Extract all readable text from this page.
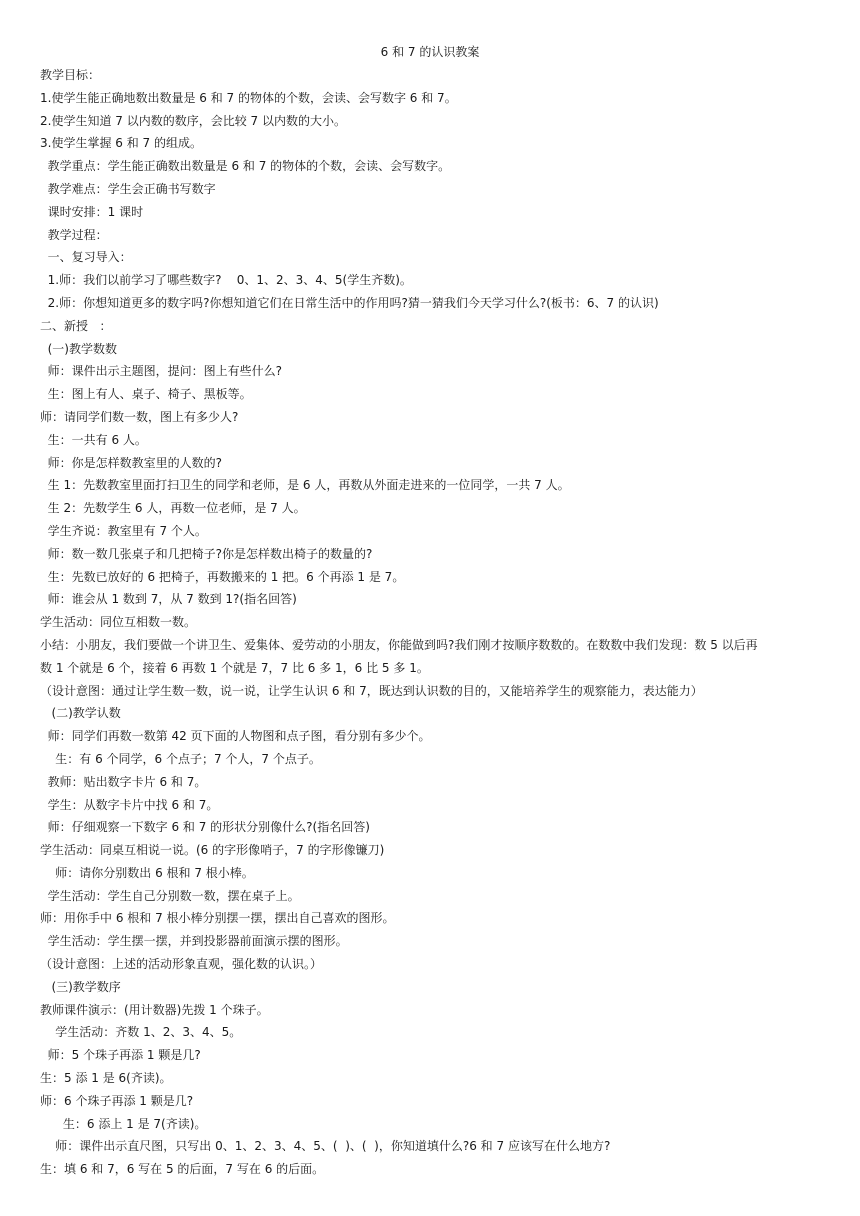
6 和 7 的认识教案
教学目标：
1.使学生能正确地数出数量是 6 和 7 的物体的个数，会读、会写数字 6 和 7。
2.使学生知道 7 以内数的数序，会比较 7 以内数的大小。
3.使学生掌握 6 和 7 的组成。
教学重点：学生能正确数出数量是 6 和 7 的物体的个数，会读、会写数字。
教学难点：学生会正确书写数字
课时安排：1 课时
教学过程：
一、复习导入：
1.师：我们以前学习了哪些数字?    0、1、2、3、4、5(学生齐数)。
2.师：你想知道更多的数字吗?你想知道它们在日常生活中的作用吗?猜一猜我们今天学习什么?(板书：6、7 的认识)
二、新授   ：
(一)教学数数
师：课件出示主题图，提问：图上有些什么?
生：图上有人、桌子、椅子、黑板等。
师：请同学们数一数，图上有多少人?
生：一共有 6 人。
师：你是怎样数教室里的人数的?
生 1：先数教室里面打扫卫生的同学和老师，是 6 人，再数从外面走进来的一位同学，一共 7 人。
生 2：先数学生 6 人，再数一位老师，是 7 人。
学生齐说：教室里有 7 个人。
师：数一数几张桌子和几把椅子?你是怎样数出椅子的数量的?
生：先数已放好的 6 把椅子，再数搬来的 1 把。6 个再添 1 是 7。
师：谁会从 1 数到 7，从 7 数到 1?(指名回答)
学生活动：同位互相数一数。
小结：小朋友，我们要做一个讲卫生、爱集体、爱劳动的小朋友，你能做到吗?我们刚才按顺序数数的。在数数中我们发现：数 5 以后再
数 1 个就是 6 个，接着 6 再数 1 个就是 7，7 比 6 多 1，6 比 5 多 1。
（设计意图：通过让学生数一数，说一说，让学生认识 6 和 7，既达到认识数的目的，又能培养学生的观察能力，表达能力）
(二)教学认数
师：同学们再数一数第 42 页下面的人物图和点子图，看分别有多少个。
生：有 6 个同学，6 个点子；7 个人，7 个点子。
教师：贴出数字卡片 6 和 7。
学生：从数字卡片中找 6 和 7。
师：仔细观察一下数字 6 和 7 的形状分别像什么?(指名回答)
学生活动：同桌互相说一说。(6 的字形像哨子，7 的字形像镰刀)
师：请你分别数出 6 根和 7 根小棒。
学生活动：学生自己分别数一数，摆在桌子上。
师：用你手中 6 根和 7 根小棒分别摆一摆，摆出自己喜欢的图形。
学生活动：学生摆一摆，并到投影器前面演示摆的图形。
（设计意图：上述的活动形象直观，强化数的认识。）
(三)教学数序
教师课件演示：(用计数器)先拨 1 个珠子。
学生活动：齐数 1、2、3、4、5。
师：5 个珠子再添 1 颗是几?
生：5 添 1 是 6(齐读)。
师：6 个珠子再添 1 颗是几?
生：6 添上 1 是 7(齐读)。
师：课件出示直尺图，只写出 0、1、2、3、4、5、(  )、(  )，你知道填什么?6 和 7 应该写在什么地方?
生：填 6 和 7，6 写在 5 的后面，7 写在 6 的后面。
